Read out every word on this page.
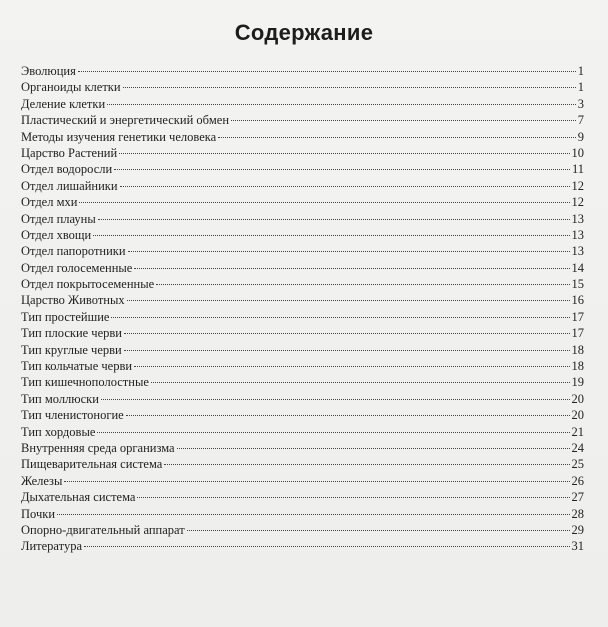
Содержание
Эволюция	1
Органоиды клетки	1
Деление клетки	3
Пластический и энергетический обмен	7
Методы изучения генетики человека	9
Царство Растений	10
Отдел водоросли	11
Отдел лишайники	12
Отдел мхи	12
Отдел плауны	13
Отдел хвощи	13
Отдел папоротники	13
Отдел голосеменные	14
Отдел покрытосеменные	15
Царство Животных	16
Тип простейшие	17
Тип плоские черви	17
Тип круглые черви	18
Тип кольчатые черви	18
Тип кишечнополостные	19
Тип моллюски	20
Тип членистоногие	20
Тип хордовые	21
Внутренняя среда организма	24
Пищеварительная система	25
Железы	26
Дыхательная система	27
Почки	28
Опорно-двигательный аппарат	29
Литература	31
